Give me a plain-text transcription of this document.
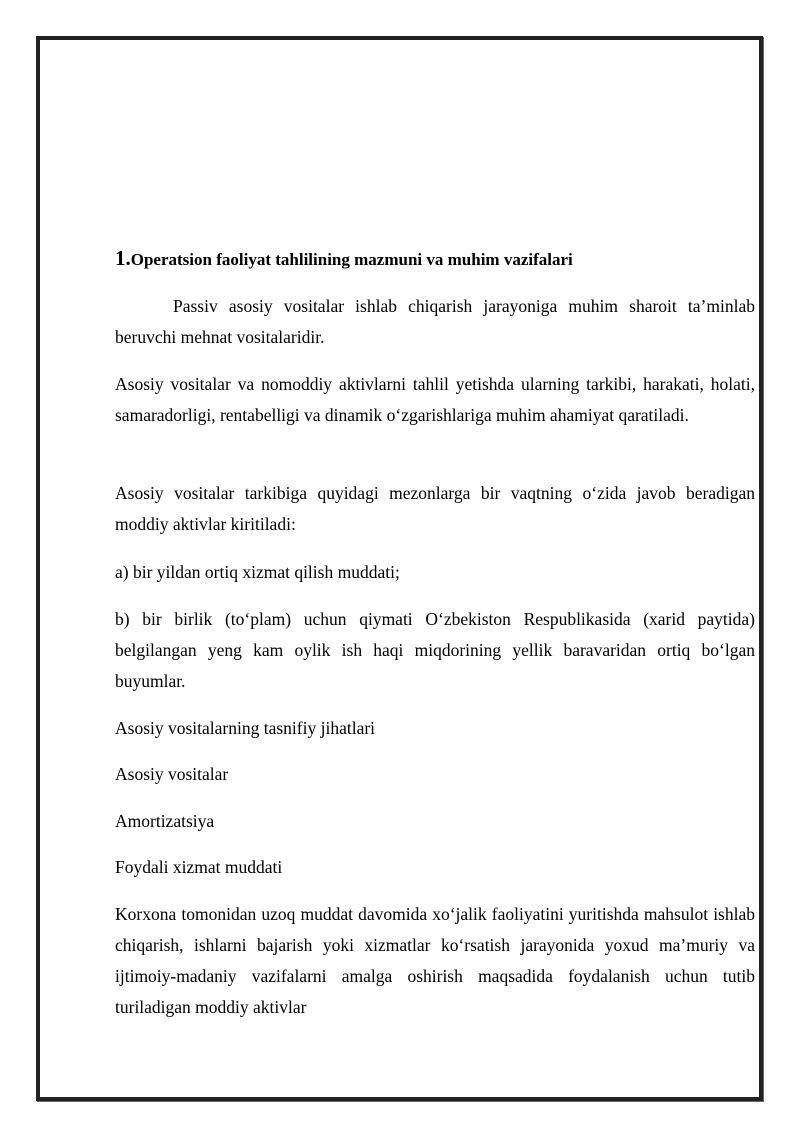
1.Operatsion faoliyat tahlilining mazmuni va muhim vazifalari

Passiv asosiy vositalar ishlab chiqarish jarayoniga muhim sharoit ta’minlab beruvchi mehnat vositalaridir.

Asosiy vositalar va nomoddiy aktivlarni tahlil yetishda ularning tarkibi, harakati, holati, samaradorligi, rentabelligi va dinamik o‘zgarishlariga muhim ahamiyat qaratiladi.

Asosiy vositalar tarkibiga quyidagi mezonlarga bir vaqtning o‘zida javob beradigan moddiy aktivlar kiritiladi:

a) bir yildan ortiq xizmat qilish muddati;

b) bir birlik (to‘plam) uchun qiymati O‘zbekiston Respublikasida (xarid paytida) belgilangan yeng kam oylik ish haqi miqdorining yellik baravaridan ortiq bo‘lgan buyumlar.

Asosiy vositalarning tasnifiy jihatlari

Asosiy vositalar

Amortizatsiya

Foydali xizmat muddati

Korxona tomonidan uzoq muddat davomida xo‘jalik faoliyatini yuritishda mahsulot ishlab chiqarish, ishlarni bajarish yoki xizmatlar ko‘rsatish jarayonida yoxud ma’muriy va ijtimoiy-madaniy vazifalarni amalga oshirish maqsadida foydalanish uchun tutib turiladigan moddiy aktivlar
